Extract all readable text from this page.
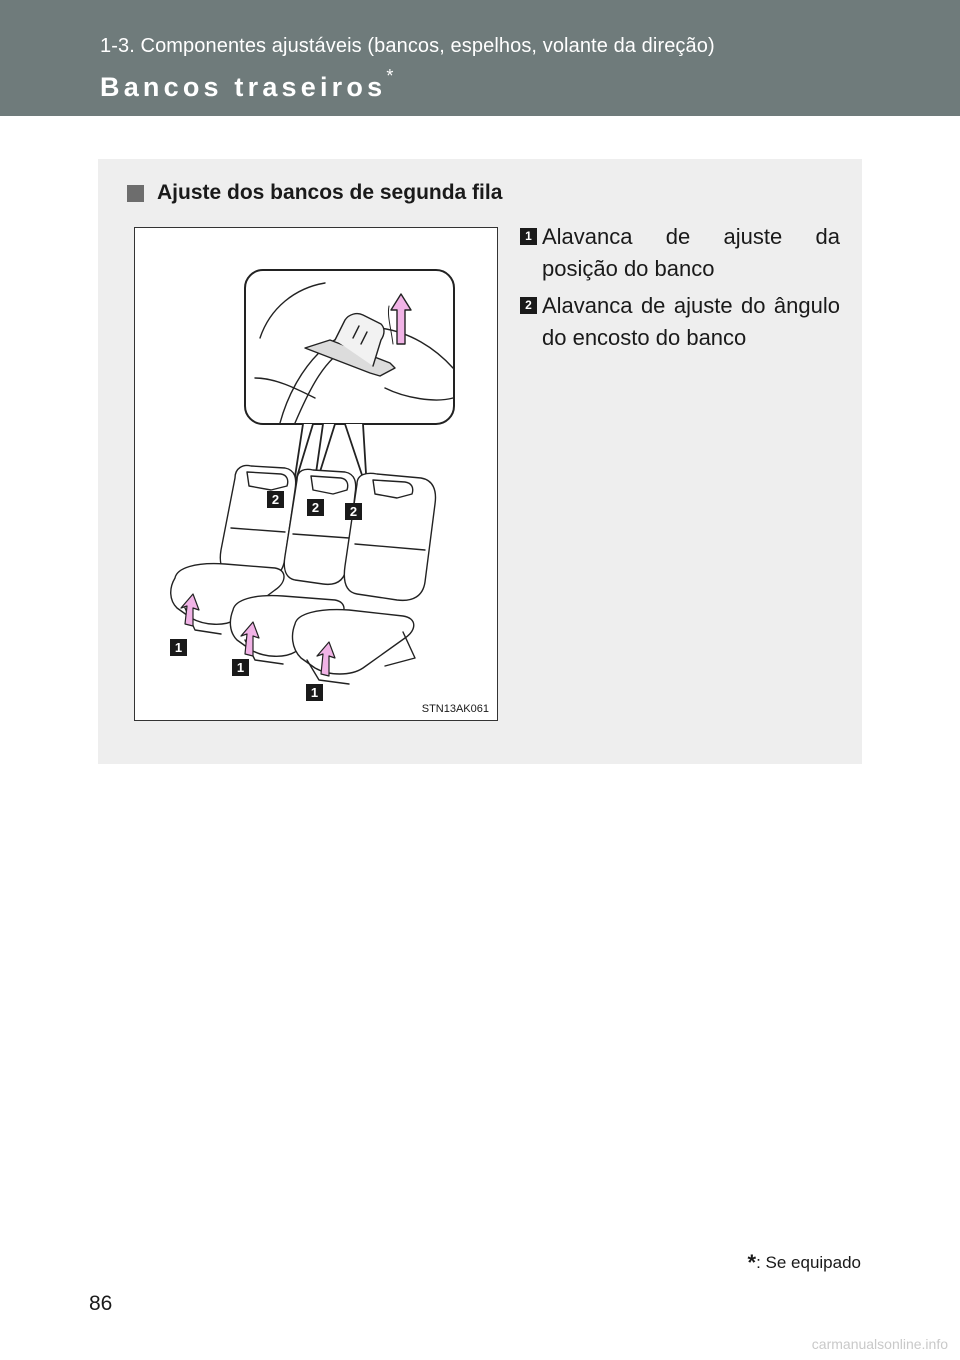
1-3. Componentes ajustáveis (bancos, espelhos, volante da direção)
Bancos traseiros*
Ajuste dos bancos de segunda fila
1
1
1
2
2 2
STN13AK061
1 Alavanca de ajuste da posição do banco
2 Alavanca de ajuste do ângulo do encosto do banco
*: Se equipado
86
carmanualsonline.info
